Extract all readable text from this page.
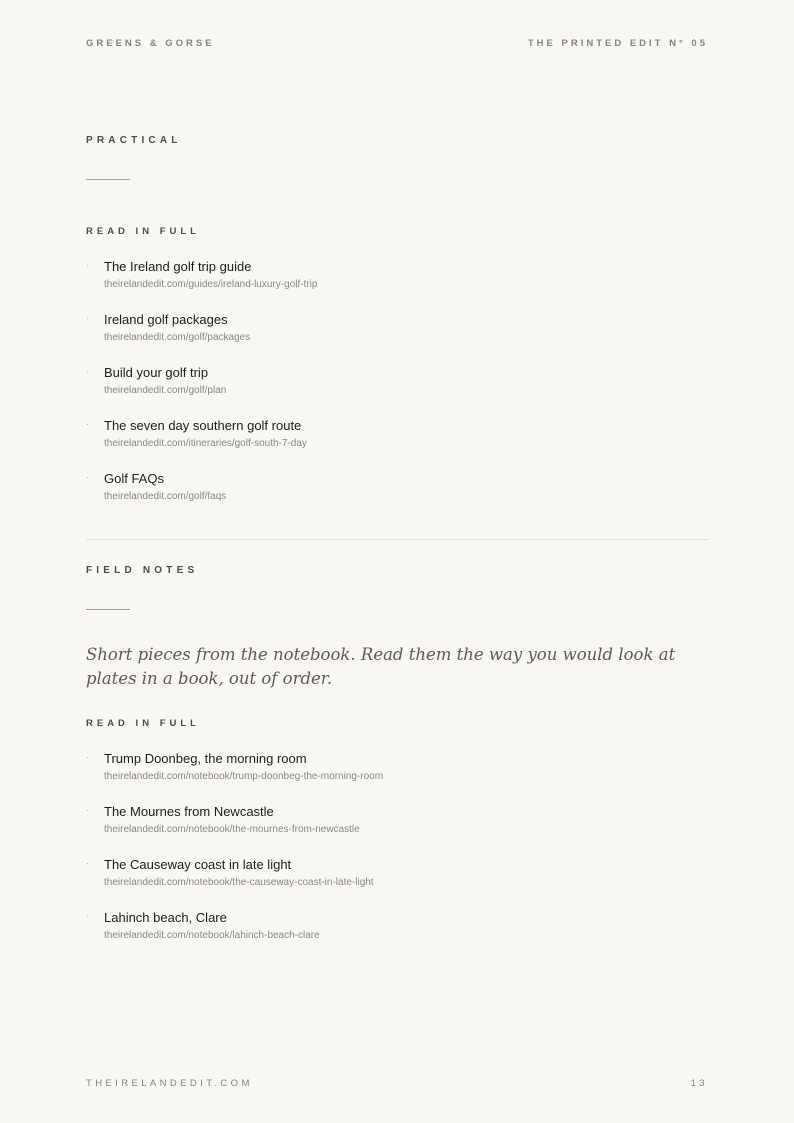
GREENS & GORSE	THE PRINTED EDIT N° 05
PRACTICAL
READ IN FULL
· The Ireland golf trip guide
theirelandedit.com/guides/ireland-luxury-golf-trip
· Ireland golf packages
theirelandedit.com/golf/packages
· Build your golf trip
theirelandedit.com/golf/plan
· The seven day southern golf route
theirelandedit.com/itineraries/golf-south-7-day
· Golf FAQs
theirelandedit.com/golf/faqs
FIELD NOTES

Short pieces from the notebook. Read them the way you would look at plates in a book, out of order.

READ IN FULL
· Trump Doonbeg, the morning room
theirelandedit.com/notebook/trump-doonbeg-the-morning-room
· The Mournes from Newcastle
theirelandedit.com/notebook/the-mournes-from-newcastle
· The Causeway coast in late light
theirelandedit.com/notebook/the-causeway-coast-in-late-light
· Lahinch beach, Clare
theirelandedit.com/notebook/lahinch-beach-clare
THEIRELANDEDIT.COM	13
